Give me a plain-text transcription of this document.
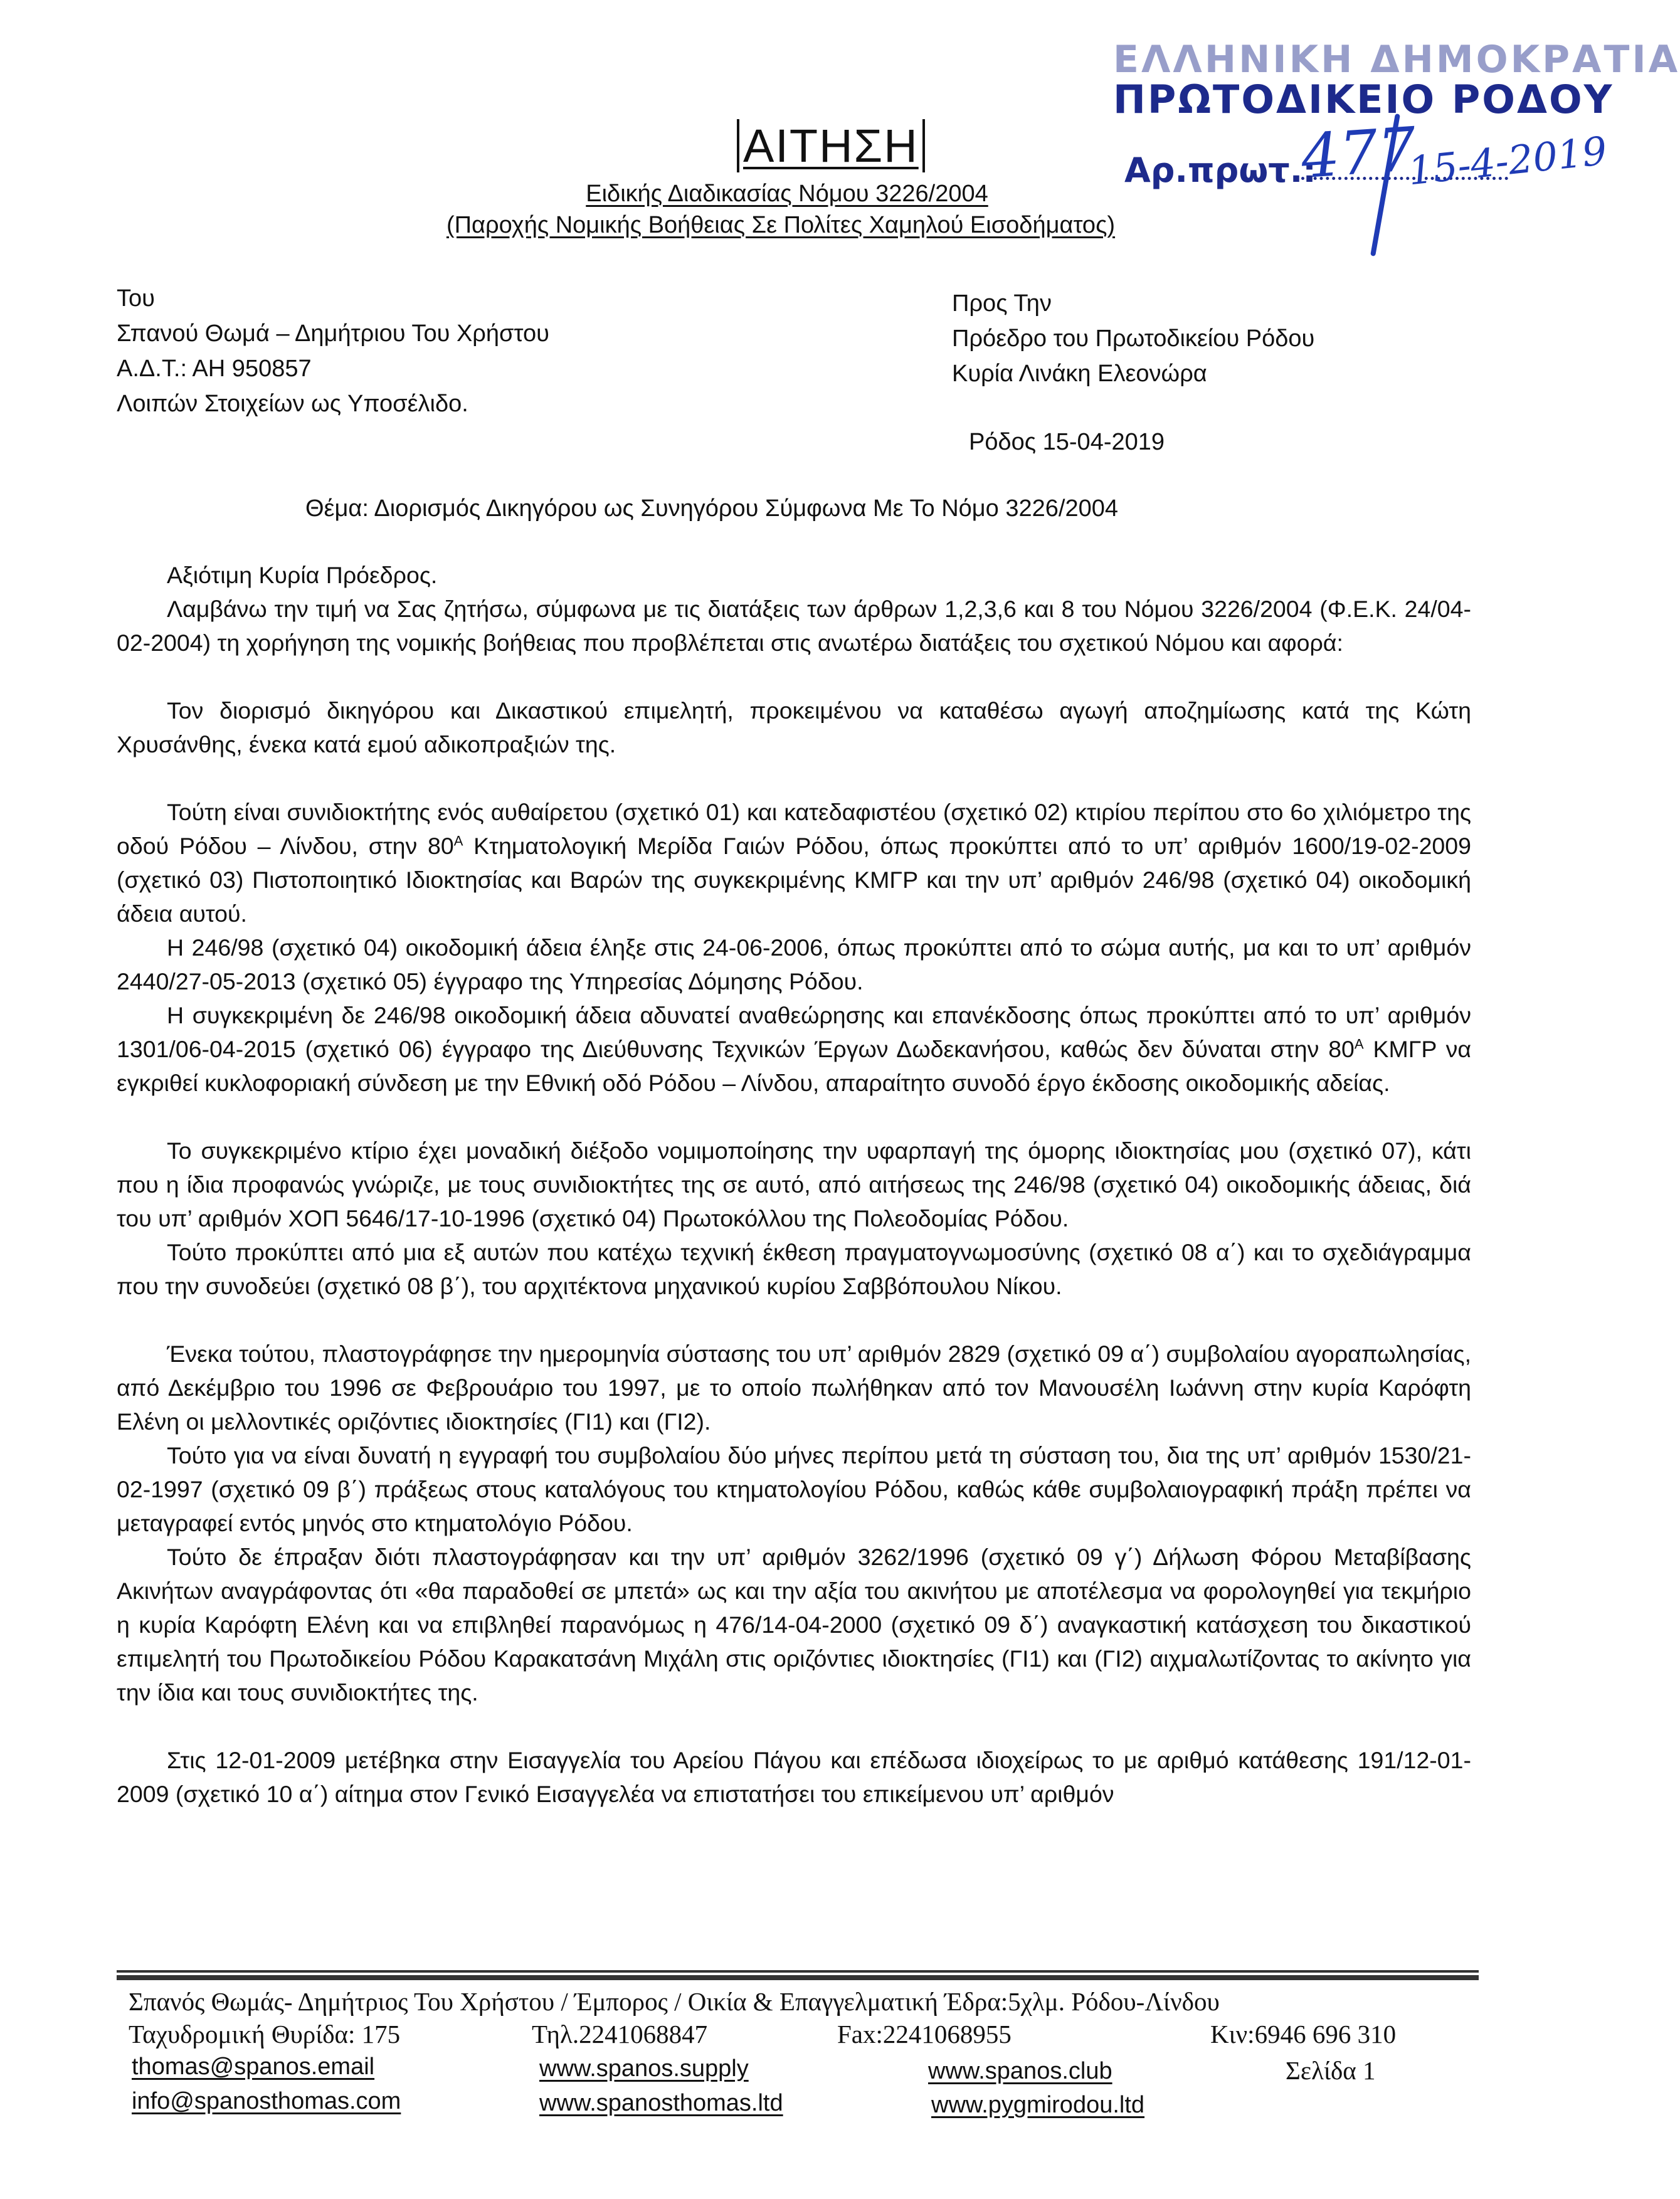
ΕΛΛΗΝΙΚΗ ΔΗΜΟΚΡΑΤΙΑ
ΠΡΩΤΟΔΙΚΕΙΟ ΡΟΔΟΥ
Αρ.πρωτ.:
477
15-4-2019
ΑΙΤΗΣΗ
Ειδικής Διαδικασίας Νόμου 3226/2004
(Παροχής Νομικής Βοήθειας Σε Πολίτες Χαμηλού Εισοδήματος)
Του
Σπανού Θωμά – Δημήτριου Του Χρήστου
Α.Δ.Τ.: ΑΗ 950857
Λοιπών Στοιχείων ως Υποσέλιδο.
Προς Την
Πρόεδρο του Πρωτοδικείου Ρόδου
Κυρία Λινάκη Ελεονώρα
Ρόδος 15-04-2019
Θέμα: Διορισμός Δικηγόρου ως Συνηγόρου Σύμφωνα Με Το Νόμο 3226/2004

Αξιότιμη Κυρία Πρόεδρος.

Λαμβάνω την τιμή να Σας ζητήσω, σύμφωνα με τις διατάξεις των άρθρων 1,2,3,6 και 8 του Νόμου 3226/2004 (Φ.Ε.Κ. 24/04-02-2004) τη χορήγηση της νομικής βοήθειας που προβλέπεται στις ανωτέρω διατάξεις του σχετικού Νόμου και αφορά:

Τον διορισμό δικηγόρου και Δικαστικού επιμελητή, προκειμένου να καταθέσω αγωγή αποζημίωσης κατά της Κώτη Χρυσάνθης, ένεκα κατά εμού αδικοπραξιών της.

Τούτη είναι συνιδιοκτήτης ενός αυθαίρετου (σχετικό 01) και κατεδαφιστέου (σχετικό 02) κτιρίου περίπου στο 6ο χιλιόμετρο της οδού Ρόδου – Λίνδου, στην $80^A$ Κτηματολογική Μερίδα Γαιών Ρόδου, όπως προκύπτει από το υπ’ αριθμόν 1600/19-02-2009 (σχετικό 03) Πιστοποιητικό Ιδιοκτησίας και Βαρών της συγκεκριμένης ΚΜΓΡ και την υπ’ αριθμόν 246/98 (σχετικό 04) οικοδομική άδεια αυτού.

Η 246/98 (σχετικό 04) οικοδομική άδεια έληξε στις 24-06-2006, όπως προκύπτει από το σώμα αυτής, μα και το υπ’ αριθμόν 2440/27-05-2013 (σχετικό 05) έγγραφο της Υπηρεσίας Δόμησης Ρόδου.

Η συγκεκριμένη δε 246/98 οικοδομική άδεια αδυνατεί αναθεώρησης και επανέκδοσης όπως προκύπτει από το υπ’ αριθμόν 1301/06-04-2015 (σχετικό 06) έγγραφο της Διεύθυνσης Τεχνικών Έργων Δωδεκανήσου, καθώς δεν δύναται στην $80^A$ ΚΜΓΡ να εγκριθεί κυκλοφοριακή σύνδεση με την Εθνική οδό Ρόδου – Λίνδου, απαραίτητο συνοδό έργο έκδοσης οικοδομικής αδείας.

Το συγκεκριμένο κτίριο έχει μοναδική διέξοδο νομιμοποίησης την υφαρπαγή της όμορης ιδιοκτησίας μου (σχετικό 07), κάτι που η ίδια προφανώς γνώριζε, με τους συνιδιοκτήτες της σε αυτό, από αιτήσεως της 246/98 (σχετικό 04) οικοδομικής άδειας, διά του υπ’ αριθμόν ΧΟΠ 5646/17-10-1996 (σχετικό 04) Πρωτοκόλλου της Πολεοδομίας Ρόδου.

Τούτο προκύπτει από μια εξ αυτών που κατέχω τεχνική έκθεση πραγματογνωμοσύνης (σχετικό 08 α΄) και το σχεδιάγραμμα που την συνοδεύει (σχετικό 08 β΄), του αρχιτέκτονα μηχανικού κυρίου Σαββόπουλου Νίκου.

Ένεκα τούτου, πλαστογράφησε την ημερομηνία σύστασης του υπ’ αριθμόν 2829 (σχετικό 09 α΄) συμβολαίου αγοραπωλησίας, από Δεκέμβριο του 1996 σε Φεβρουάριο του 1997, με το οποίο πωλήθηκαν από τον Μανουσέλη Ιωάννη στην κυρία Καρόφτη Ελένη οι μελλοντικές οριζόντιες ιδιοκτησίες (ΓΙ1) και (ΓΙ2).

Τούτο για να είναι δυνατή η εγγραφή του συμβολαίου δύο μήνες περίπου μετά τη σύσταση του, δια της υπ’ αριθμόν 1530/21-02-1997 (σχετικό 09 β΄) πράξεως στους καταλόγους του κτηματολογίου Ρόδου, καθώς κάθε συμβολαιογραφική πράξη πρέπει να μεταγραφεί εντός μηνός στο κτηματολόγιο Ρόδου.

Τούτο δε έπραξαν διότι πλαστογράφησαν και την υπ’ αριθμόν 3262/1996 (σχετικό 09 γ΄) Δήλωση Φόρου Μεταβίβασης Ακινήτων αναγράφοντας ότι «θα παραδοθεί σε μπετά» ως και την αξία του ακινήτου με αποτέλεσμα να φορολογηθεί για τεκμήριο η κυρία Καρόφτη Ελένη και να επιβληθεί παρανόμως η 476/14-04-2000 (σχετικό 09 δ΄) αναγκαστική κατάσχεση του δικαστικού επιμελητή του Πρωτοδικείου Ρόδου Καρακατσάνη Μιχάλη στις οριζόντιες ιδιοκτησίες (ΓΙ1) και (ΓΙ2) αιχμαλωτίζοντας το ακίνητο για την ίδια και τους συνιδιοκτήτες της.

Στις 12-01-2009 μετέβηκα στην Εισαγγελία του Αρείου Πάγου και επέδωσα ιδιοχείρως το με αριθμό κατάθεσης 191/12-01-2009 (σχετικό 10 α΄) αίτημα στον Γενικό Εισαγγελέα να επιστατήσει του επικείμενου υπ’ αριθμόν

Σπανός Θωμάς- Δημήτριος Του Χρήστου / Έμπορος / Οικία & Επαγγελματική Έδρα:5χλμ. Ρόδου-Λίνδου
Ταχυδρομική Θυρίδα: 175	Τηλ.2241068847	Fax:2241068955	Κιν:6946 696 310
thomas@spanos.email	www.spanos.supply	www.spanos.club	Σελίδα 1
info@spanosthomas.com	www.spanosthomas.ltd	www.pygmirodou.ltd
